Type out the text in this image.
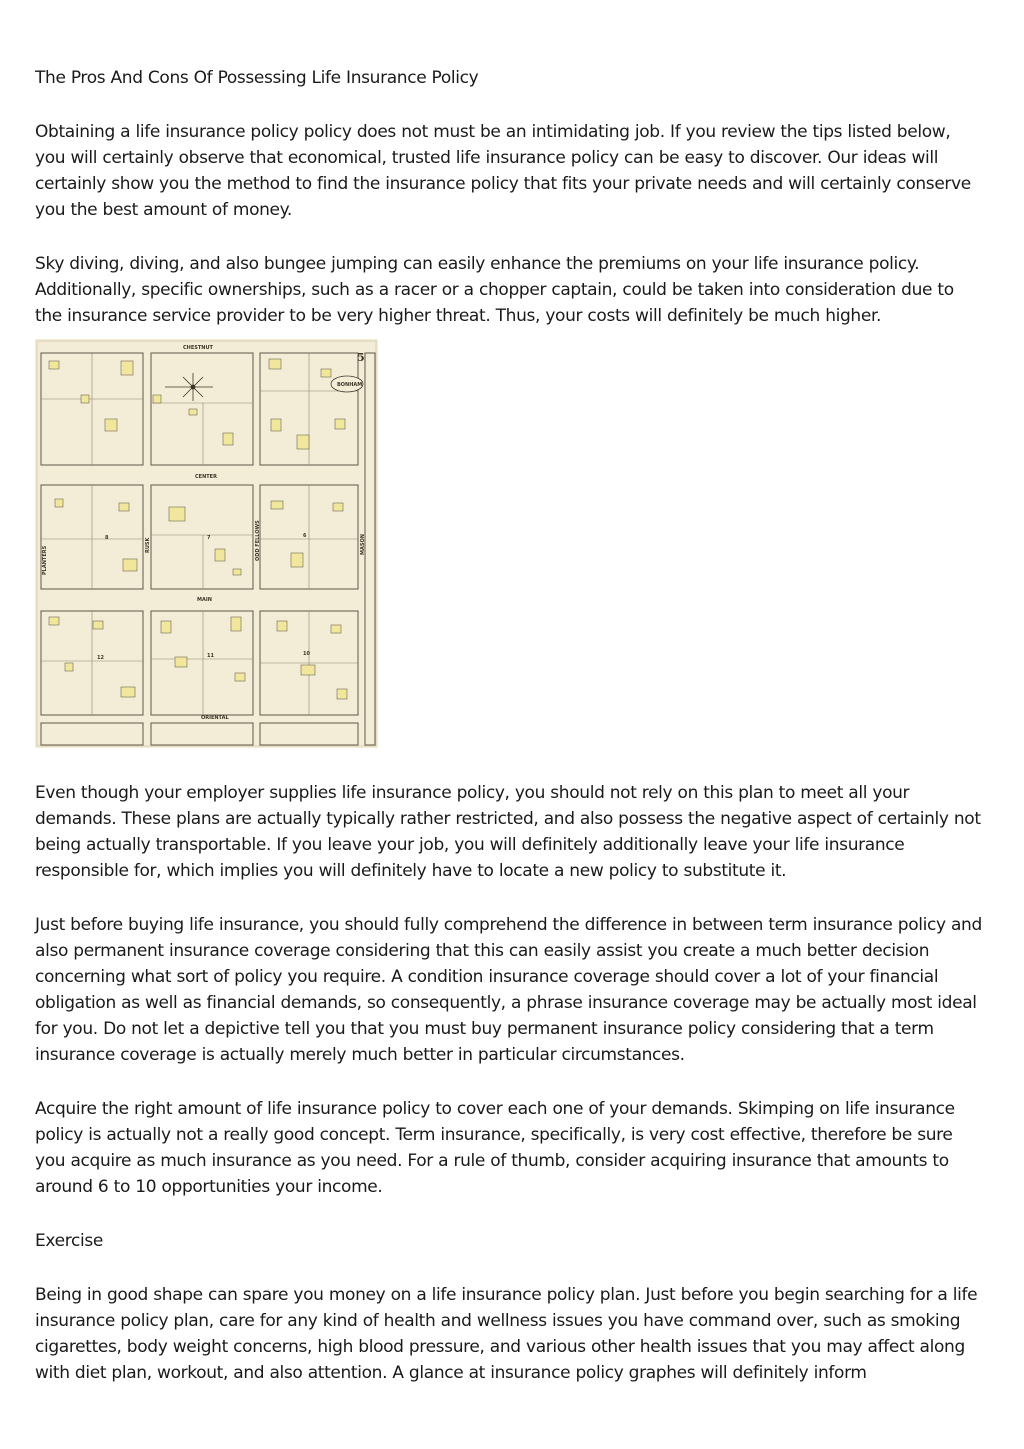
The Pros And Cons Of Possessing Life Insurance Policy

Obtaining a life insurance policy policy does not must be an intimidating job. If you review the tips listed below, you will certainly observe that economical, trusted life insurance policy can be easy to discover. Our ideas will certainly show you the method to find the insurance policy that fits your private needs and will certainly conserve you the best amount of money.

Sky diving, diving, and also bungee jumping can easily enhance the premiums on your life insurance policy. Additionally, specific ownerships, such as a racer or a chopper captain, could be taken into consideration due to the insurance service provider to be very higher threat. Thus, your costs will definitely be much higher.

BONHAM
5
CHESTNUT
CENTER
MAIN
ORIENTAL
PLANTERS
RUSK	ODD FELLOWS	MASON
8	7	6
12	11	10

Even though your employer supplies life insurance policy, you should not rely on this plan to meet all your demands. These plans are actually typically rather restricted, and also possess the negative aspect of certainly not being actually transportable. If you leave your job, you will definitely additionally leave your life insurance responsible for, which implies you will definitely have to locate a new policy to substitute it.

Just before buying life insurance, you should fully comprehend the difference in between term insurance policy and also permanent insurance coverage considering that this can easily assist you create a much better decision concerning what sort of policy you require. A condition insurance coverage should cover a lot of your financial obligation as well as financial demands, so consequently, a phrase insurance coverage may be actually most ideal for you. Do not let a depictive tell you that you must buy permanent insurance policy considering that a term insurance coverage is actually merely much better in particular circumstances.

Acquire the right amount of life insurance policy to cover each one of your demands. Skimping on life insurance policy is actually not a really good concept. Term insurance, specifically, is very cost effective, therefore be sure you acquire as much insurance as you need. For a rule of thumb, consider acquiring insurance that amounts to around 6 to 10 opportunities your income.

Exercise

Being in good shape can spare you money on a life insurance policy plan. Just before you begin searching for a life insurance policy plan, care for any kind of health and wellness issues you have command over, such as smoking cigarettes, body weight concerns, high blood pressure, and various other health issues that you may affect along with diet plan, workout, and also attention. A glance at insurance policy graphes will definitely inform
